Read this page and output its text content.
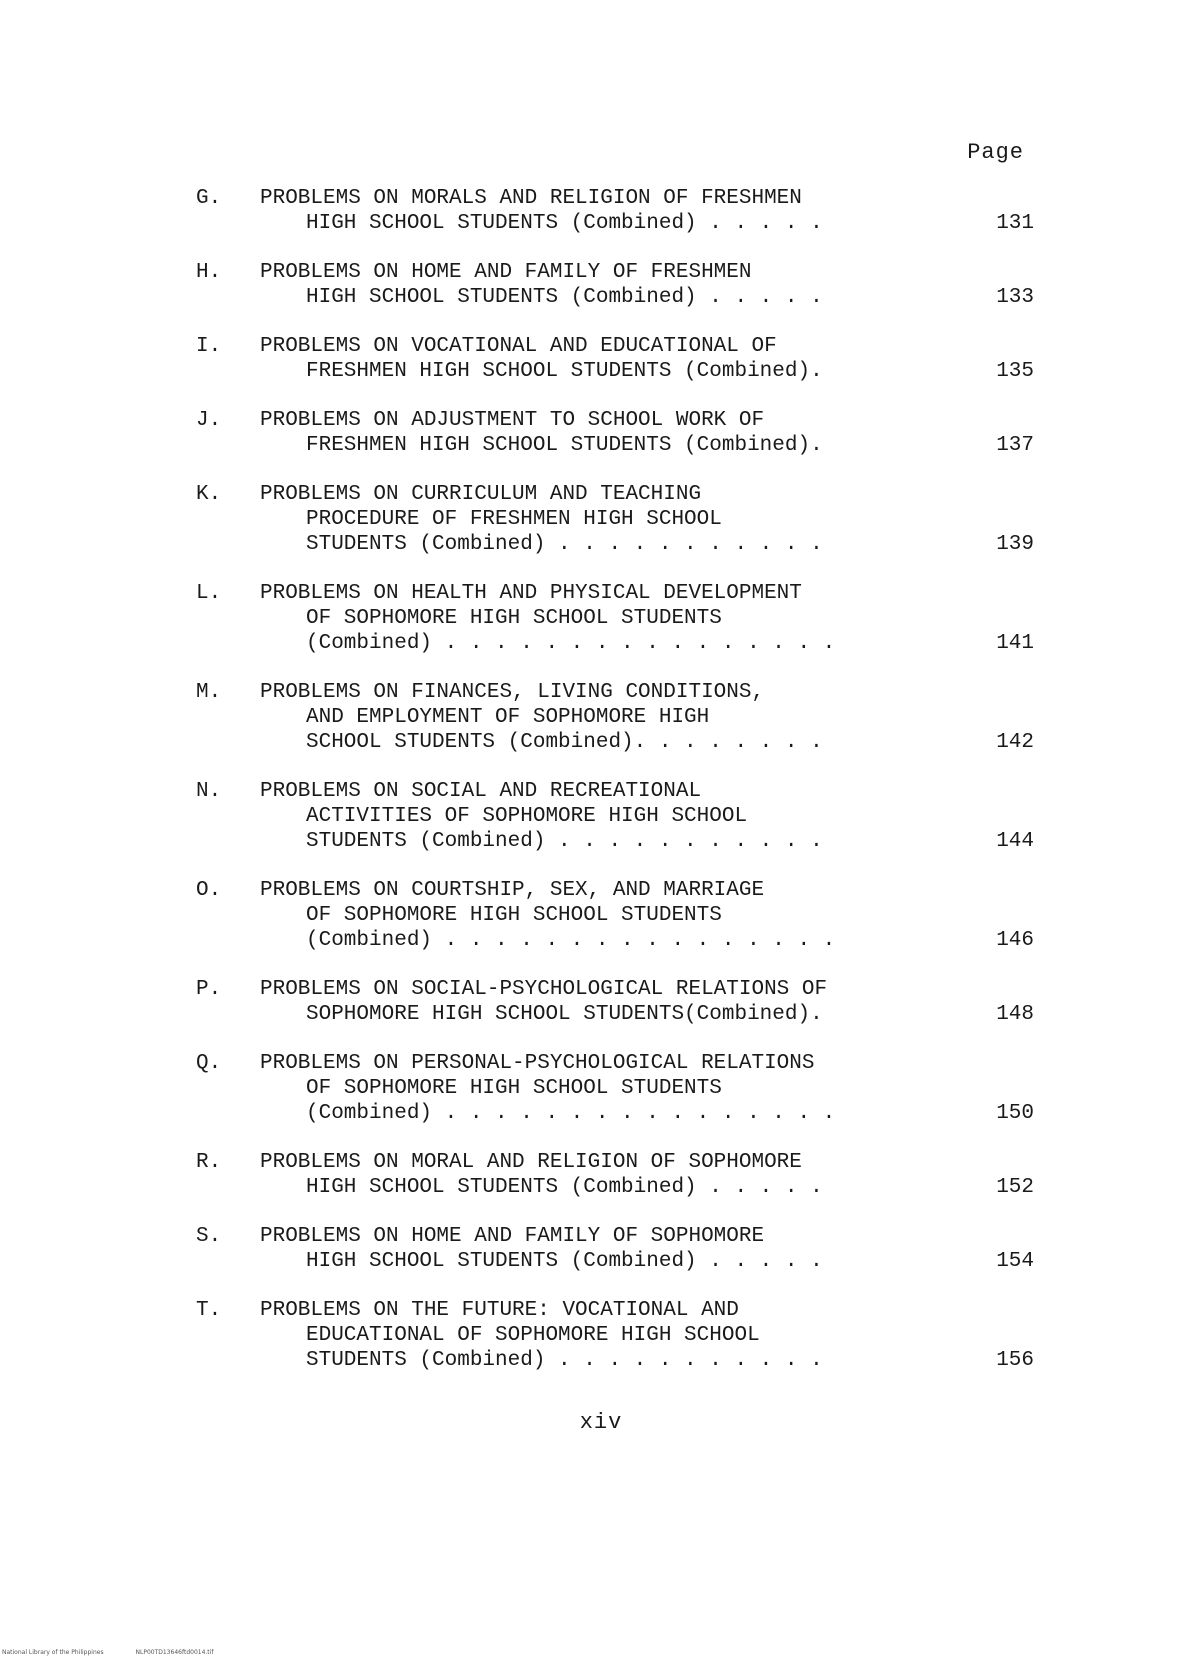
Page
G.	PROBLEMS ON MORALS AND RELIGION OF FRESHMEN
HIGH SCHOOL STUDENTS (Combined) . . . . .	131
H.	PROBLEMS ON HOME AND FAMILY OF FRESHMEN
HIGH SCHOOL STUDENTS (Combined) . . . . .	133
I.	PROBLEMS ON VOCATIONAL AND EDUCATIONAL OF
FRESHMEN HIGH SCHOOL STUDENTS (Combined).	135
J.	PROBLEMS ON ADJUSTMENT TO SCHOOL WORK OF
FRESHMEN HIGH SCHOOL STUDENTS (Combined).	137
K.	PROBLEMS ON CURRICULUM AND TEACHING
PROCEDURE OF FRESHMEN HIGH SCHOOL
STUDENTS (Combined) . . . . . . . . . . .	139
L.	PROBLEMS ON HEALTH AND PHYSICAL DEVELOPMENT
OF SOPHOMORE HIGH SCHOOL STUDENTS
(Combined) . . . . . . . . . . . . . . . .	141
M.	PROBLEMS ON FINANCES, LIVING CONDITIONS,
AND EMPLOYMENT OF SOPHOMORE HIGH
SCHOOL STUDENTS (Combined). . . . . . . .	142
N.	PROBLEMS ON SOCIAL AND RECREATIONAL
ACTIVITIES OF SOPHOMORE HIGH SCHOOL
STUDENTS (Combined) . . . . . . . . . . .	144
O.	PROBLEMS ON COURTSHIP, SEX, AND MARRIAGE
OF SOPHOMORE HIGH SCHOOL STUDENTS
(Combined) . . . . . . . . . . . . . . . .	146
P.	PROBLEMS ON SOCIAL-PSYCHOLOGICAL RELATIONS OF
SOPHOMORE HIGH SCHOOL STUDENTS(Combined).	148
Q.	PROBLEMS ON PERSONAL-PSYCHOLOGICAL RELATIONS
OF SOPHOMORE HIGH SCHOOL STUDENTS
(Combined) . . . . . . . . . . . . . . . .	150
R.	PROBLEMS ON MORAL AND RELIGION OF SOPHOMORE
HIGH SCHOOL STUDENTS (Combined) . . . . .	152
S.	PROBLEMS ON HOME AND FAMILY OF SOPHOMORE
HIGH SCHOOL STUDENTS (Combined) . . . . .	154
T.	PROBLEMS ON THE FUTURE: VOCATIONAL AND
EDUCATIONAL OF SOPHOMORE HIGH SCHOOL
STUDENTS (Combined) . . . . . . . . . . .	156
xiv
National Library of the Philippines	NLP00TD13646ftd0014.tif
